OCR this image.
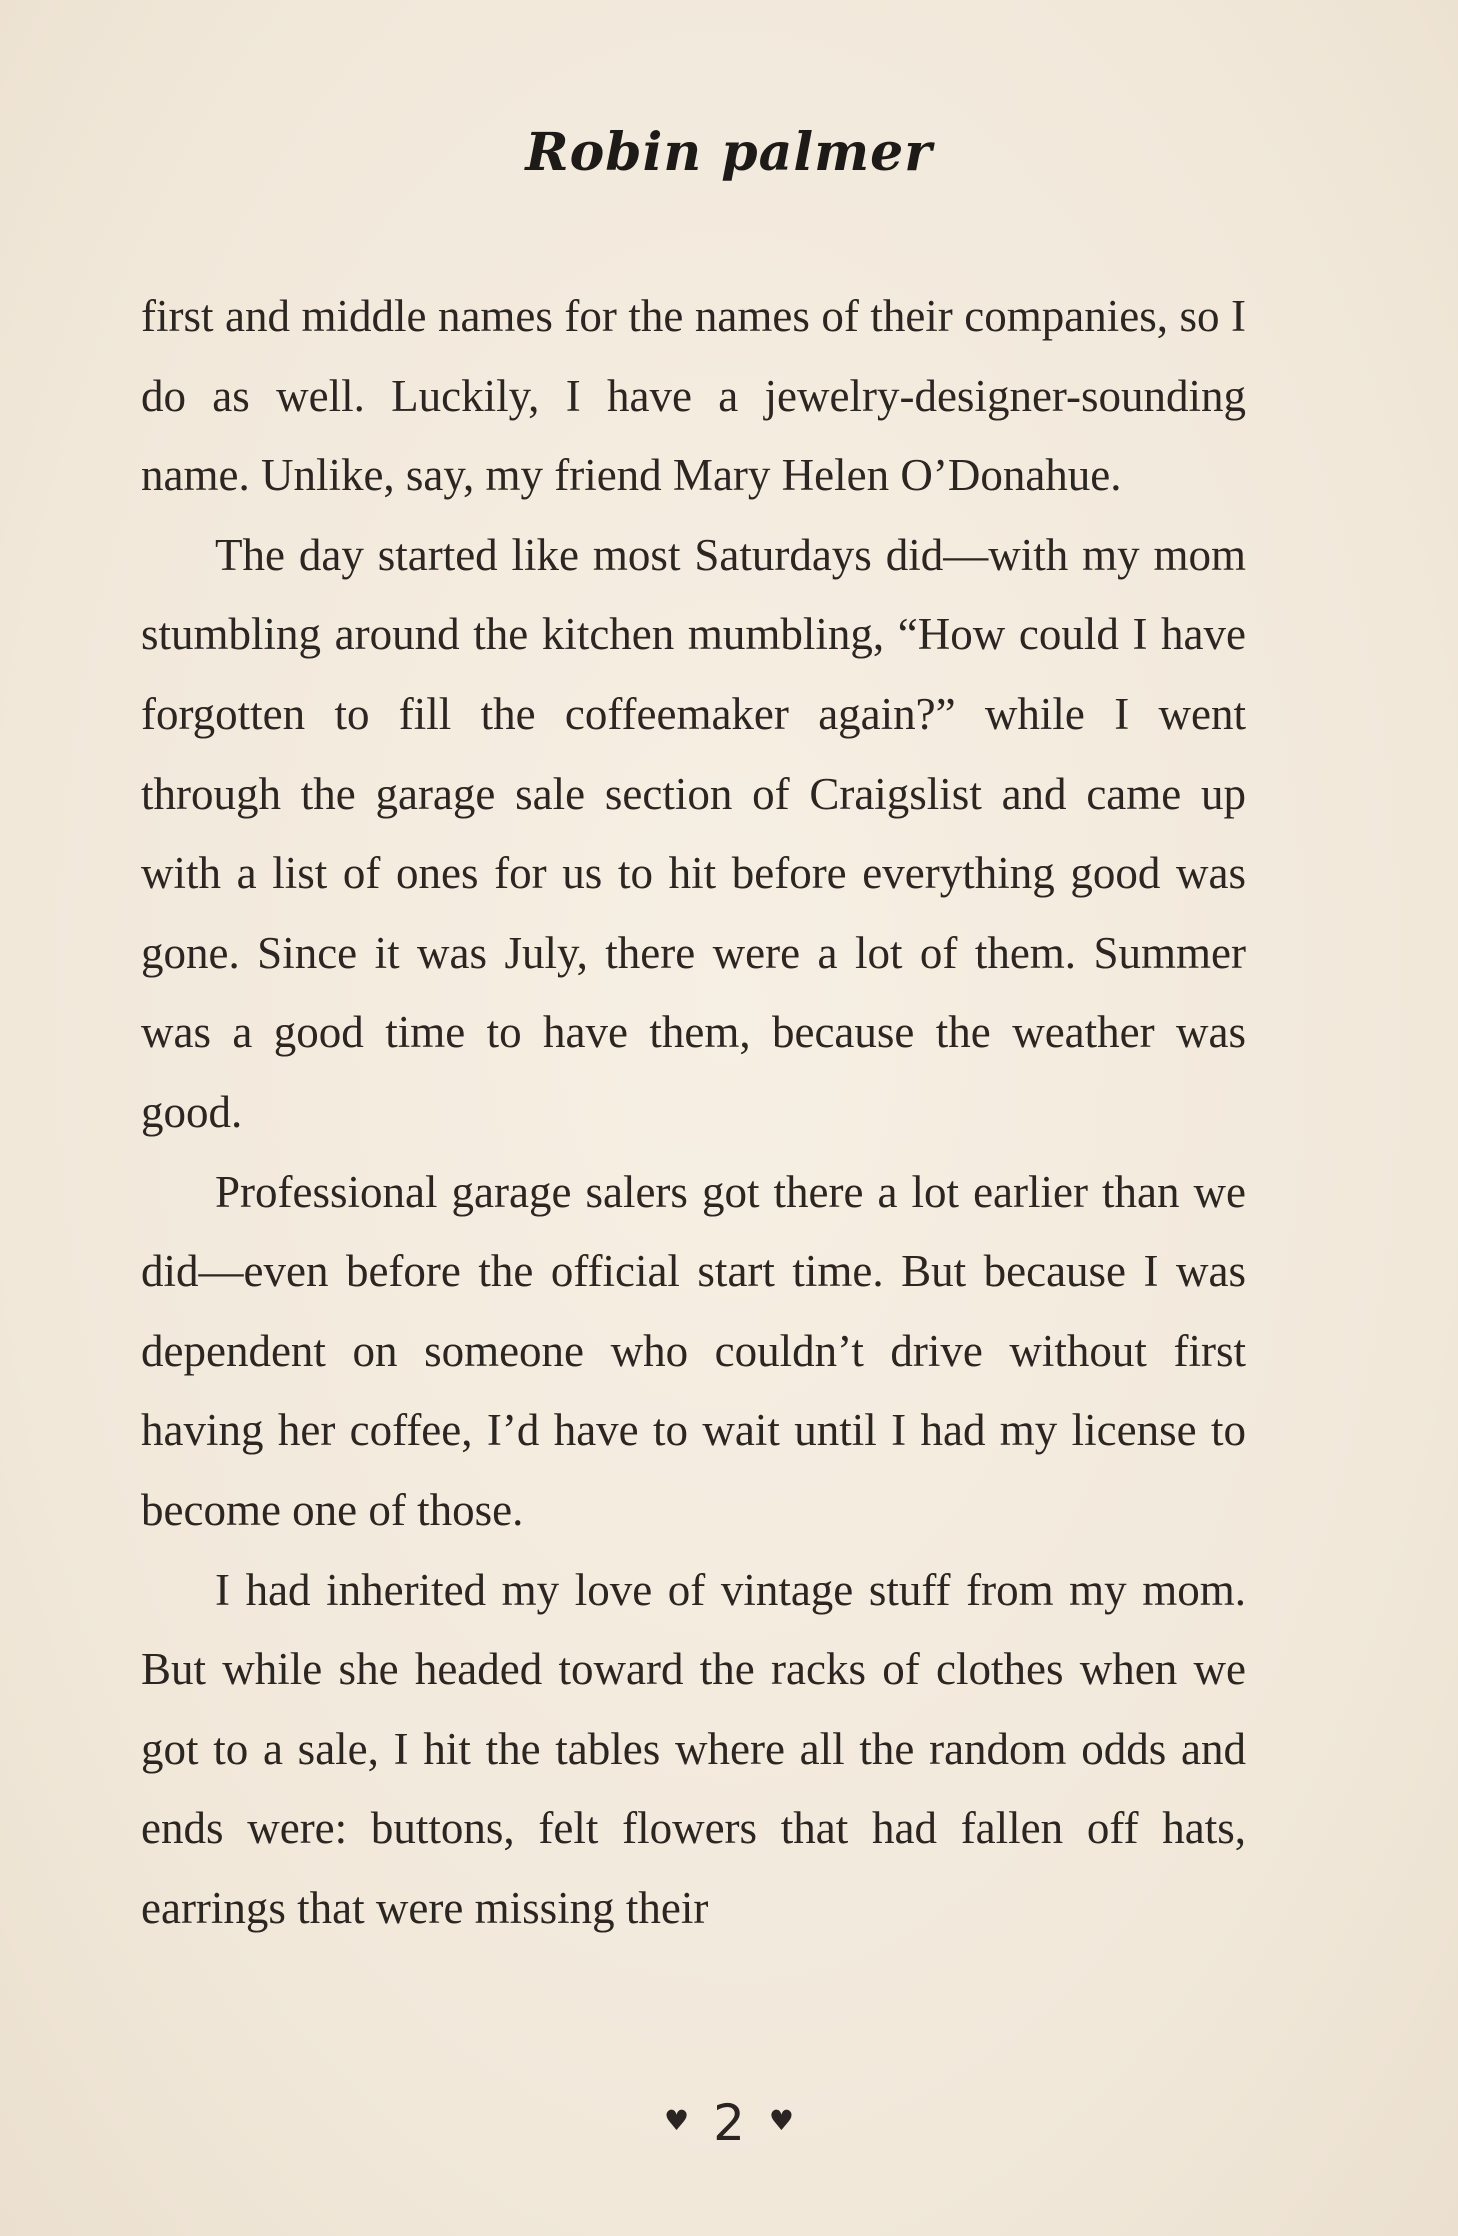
Robin palmer

first and middle names for the names of their companies, so I do as well. Luckily, I have a jewelry-designer-sounding name. Unlike, say, my friend Mary Helen O’Donahue.

The day started like most Saturdays did—with my mom stumbling around the kitchen mumbling, “How could I have forgotten to fill the coffeemaker again?” while I went through the garage sale section of Craigslist and came up with a list of ones for us to hit before everything good was gone. Since it was July, there were a lot of them. Summer was a good time to have them, because the weather was good.

Professional garage salers got there a lot earlier than we did—even before the official start time. But because I was dependent on someone who couldn’t drive without first having her coffee, I’d have to wait until I had my license to become one of those.

I had inherited my love of vintage stuff from my mom. But while she headed toward the racks of clothes when we got to a sale, I hit the tables where all the random odds and ends were: buttons, felt flowers that had fallen off hats, earrings that were missing their

♥ 2 ♥
